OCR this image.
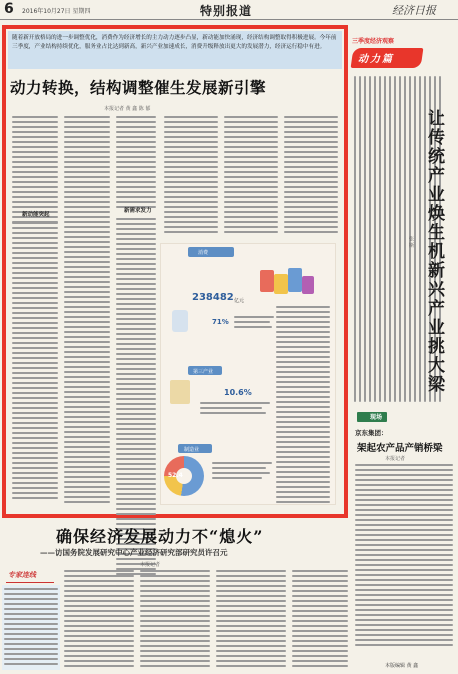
6 2016年10月27日 星期四	特别报道	经济日报
随着新开放格局的进一步调整优化，消费作为经济增长的主力动力逐步凸显，新动能加快涌现，经济结构调整取得积极进展。今年前三季度，产业结构持续优化，服务业占比达到新高，新兴产业加速成长，消费升级释放出更大的发展潜力，经济运行稳中有进。
动力转换，结构调整催生发展新引擎
本报记者 黄 鑫 陈 郁
新动能突起
新需求发力
消费
238482 亿元
71%
第三产业
10.6%
制造业
52.4
三季度经济观察
动力篇
让传统产业焕生机新兴产业挑大梁
张 斯
现场
京东集团：
架起农产品产销桥梁
本报记者
确保经济发展动力不“熄火”
——访国务院发展研究中心产业经济研究部研究员许召元
本报记者
专家连线
本版编辑 黄 鑫
